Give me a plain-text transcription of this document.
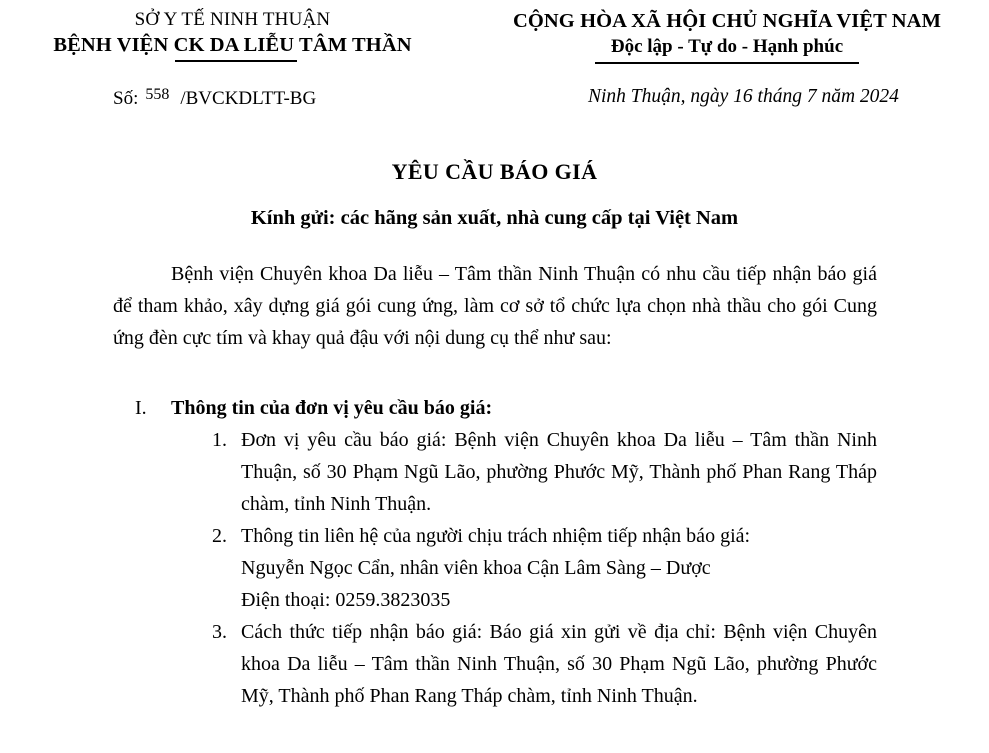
SỞ Y TẾ NINH THUẬN
BỆNH VIỆN CK DA LIỄU TÂM THẦN
CỘNG HÒA XÃ HỘI CHỦ NGHĨA VIỆT NAM
Độc lập - Tự do - Hạnh phúc
Số: $^{558}$ /BVCKDLTT-BG	Ninh Thuận, ngày 16 tháng 7 năm 2024
YÊU CẦU BÁO GIÁ
Kính gửi: các hãng sản xuất, nhà cung cấp tại Việt Nam

Bệnh viện Chuyên khoa Da liễu – Tâm thần Ninh Thuận có nhu cầu tiếp nhận báo giá để tham khảo, xây dựng giá gói cung ứng, làm cơ sở tổ chức lựa chọn nhà thầu cho gói Cung ứng đèn cực tím và khay quả đậu với nội dung cụ thể như sau:

I.	Thông tin của đơn vị yêu cầu báo giá:
1. Đơn vị yêu cầu báo giá: Bệnh viện Chuyên khoa Da liễu – Tâm thần Ninh Thuận, số 30 Phạm Ngũ Lão, phường Phước Mỹ, Thành phố Phan Rang Tháp chàm, tỉnh Ninh Thuận.
2. Thông tin liên hệ của người chịu trách nhiệm tiếp nhận báo giá:
Nguyễn Ngọc Cẩn, nhân viên khoa Cận Lâm Sàng – Dược
Điện thoại: 0259.3823035
3. Cách thức tiếp nhận báo giá: Báo giá xin gửi về địa chỉ: Bệnh viện Chuyên khoa Da liễu – Tâm thần Ninh Thuận, số 30 Phạm Ngũ Lão, phường Phước Mỹ, Thành phố Phan Rang Tháp chàm, tỉnh Ninh Thuận.
